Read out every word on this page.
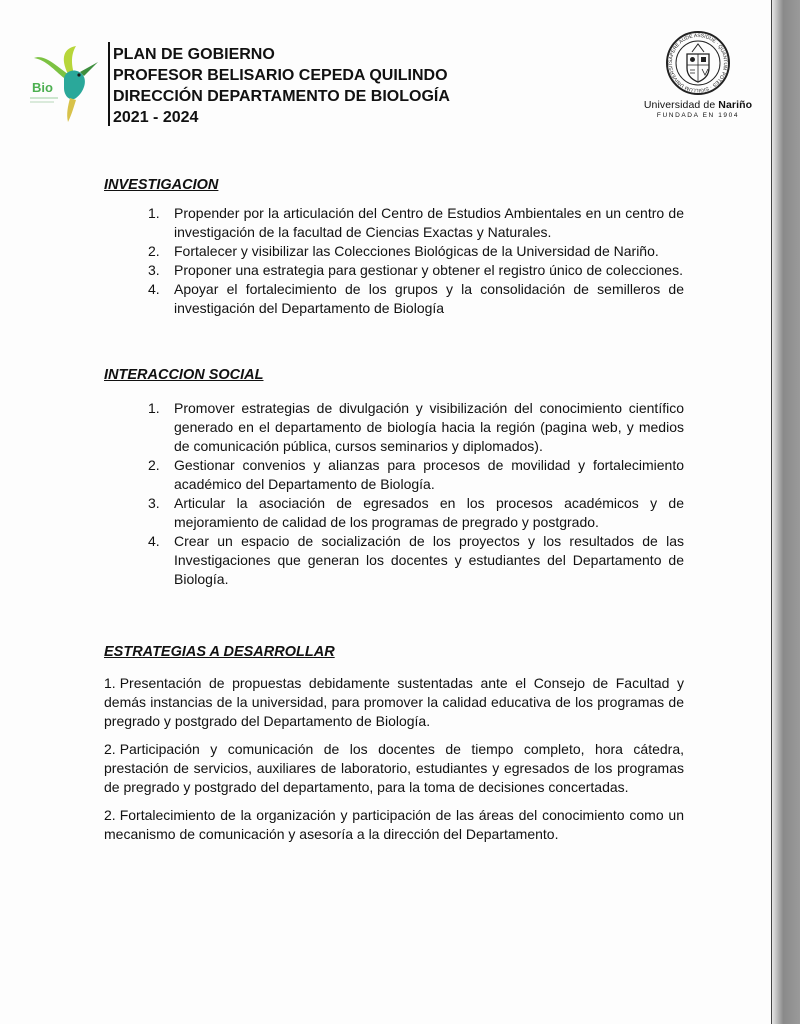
Bio
PLAN DE GOBIERNO
PROFESOR BELISARIO CEPEDA QUILINDO
DIRECCIÓN DEPARTAMENTO DE BIOLOGÍA
2021 - 2024
SAPERE AUDE ASSIDUE · QUANTUM POTES · SIGILLUM UNIVERSIT
Universidad de Nariño
FUNDADA EN 1904

INVESTIGACION

1. Propender por la articulación del Centro de Estudios Ambientales en un centro de investigación de la facultad de Ciencias Exactas y Naturales.
2. Fortalecer y visibilizar las Colecciones Biológicas de la Universidad de Nariño.
3. Proponer una estrategia para gestionar y obtener el registro único de colecciones.
4. Apoyar el fortalecimiento de los grupos y la consolidación de semilleros de investigación del Departamento de Biología

INTERACCION SOCIAL

1. Promover estrategias de divulgación y visibilización del conocimiento científico generado en el departamento de biología hacia la región (pagina web, y medios de comunicación pública, cursos seminarios y diplomados).
2. Gestionar convenios y alianzas para procesos de movilidad y fortalecimiento académico del Departamento de Biología.
3. Articular la asociación de egresados en los procesos académicos y de mejoramiento de calidad de los programas de pregrado y postgrado.
4. Crear un espacio de socialización de los proyectos y los resultados de las Investigaciones que generan los docentes y estudiantes del Departamento de Biología.

ESTRATEGIAS A DESARROLLAR

1. Presentación de propuestas debidamente sustentadas ante el Consejo de Facultad y demás instancias de la universidad, para promover la calidad educativa de los programas de pregrado y postgrado del Departamento de Biología.

2. Participación y comunicación de los docentes de tiempo completo, hora cátedra, prestación de servicios, auxiliares de laboratorio, estudiantes y egresados de los programas de pregrado y postgrado del departamento, para la toma de decisiones concertadas.

2. Fortalecimiento de la organización y participación de las áreas del conocimiento como un mecanismo de comunicación y asesoría a la dirección del Departamento.
